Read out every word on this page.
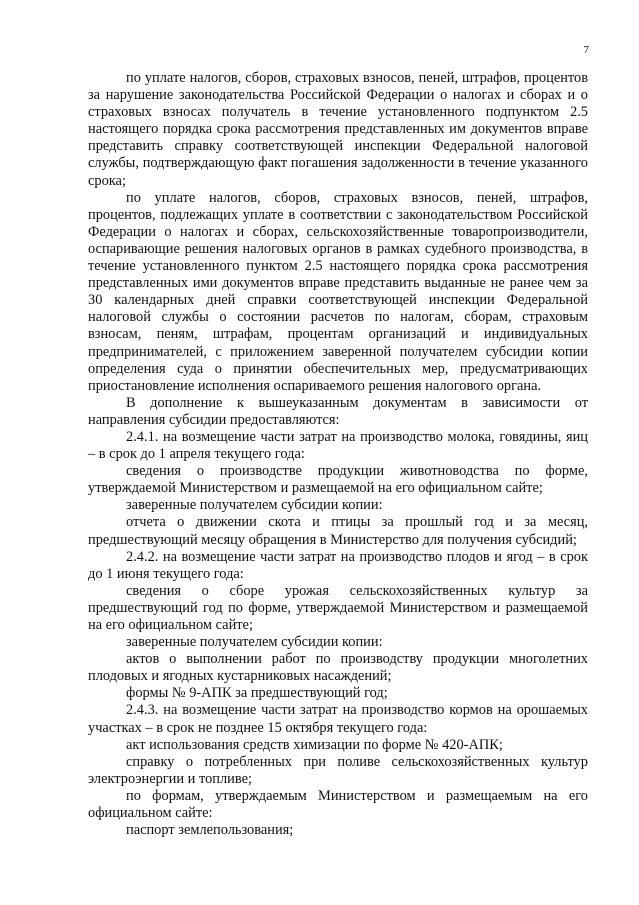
7

по уплате налогов, сборов, страховых взносов, пеней, штрафов, процентов за нарушение законодательства Российской Федерации о налогах и сборах и о страховых взносах получатель в течение установленного подпунктом 2.5 настоящего порядка срока рассмотрения представленных им документов вправе представить справку соответствующей инспекции Федеральной налоговой службы, подтверждающую факт погашения задолженности в течение указанного срока;

по уплате налогов, сборов, страховых взносов, пеней, штрафов, процентов, подлежащих уплате в соответствии с законодательством Российской Федерации о налогах и сборах, сельскохозяйственные товаропроизводители, оспаривающие решения налоговых органов в рамках судебного производства, в течение установленного пунктом 2.5 настоящего порядка срока рассмотрения представленных ими документов вправе представить выданные не ранее чем за 30 календарных дней справки соответствующей инспекции Федеральной налоговой службы о состоянии расчетов по налогам, сборам, страховым взносам, пеням, штрафам, процентам организаций и индивидуальных предпринимателей, с приложением заверенной получателем субсидии копии определения суда о принятии обеспечительных мер, предусматривающих приостановление исполнения оспариваемого решения налогового органа.

В дополнение к вышеуказанным документам в зависимости от направления субсидии предоставляются:

2.4.1. на возмещение части затрат на производство молока, говядины, яиц – в срок до 1 апреля текущего года:

сведения о производстве продукции животноводства по форме, утверждаемой Министерством и размещаемой на его официальном сайте;

заверенные получателем субсидии копии:

отчета о движении скота и птицы за прошлый год и за месяц, предшествующий месяцу обращения в Министерство для получения субсидий;

2.4.2. на возмещение части затрат на производство плодов и ягод – в срок до 1 июня текущего года:

сведения о сборе урожая сельскохозяйственных культур за предшествующий год по форме, утверждаемой Министерством и размещаемой на его официальном сайте;

заверенные получателем субсидии копии:

актов о выполнении работ по производству продукции многолетних плодовых и ягодных кустарниковых насаждений;

формы № 9-АПК за предшествующий год;

2.4.3. на возмещение части затрат на производство кормов на орошаемых участках – в срок не позднее 15 октября текущего года:

акт использования средств химизации по форме № 420-АПК;

справку о потребленных при поливе сельскохозяйственных культур электроэнергии и топливе;

по формам, утверждаемым Министерством и размещаемым на его официальном сайте:

паспорт землепользования;
